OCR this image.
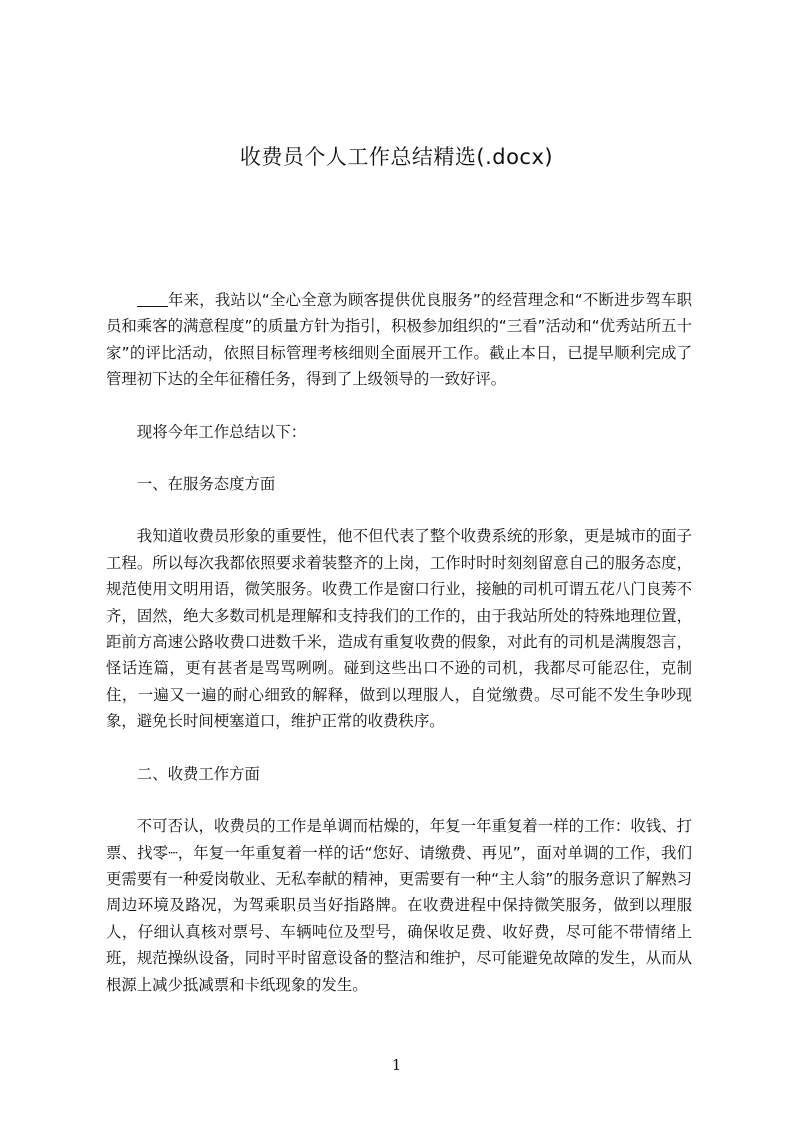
收费员个人工作总结精选(.docx)

年来，我站以“全心全意为顾客提供优良服务”的经营理念和“不断进步驾车职员和乘客的满意程度”的质量方针为指引，积极参加组织的“三看”活动和“优秀站所五十家”的评比活动，依照目标管理考核细则全面展开工作。截止本日，已提早顺利完成了管理初下达的全年征稽任务，得到了上级领导的一致好评。

现将今年工作总结以下：

一、在服务态度方面

我知道收费员形象的重要性，他不但代表了整个收费系统的形象，更是城市的面子工程。所以每次我都依照要求着装整齐的上岗，工作时时时刻刻留意自己的服务态度，规范使用文明用语，微笑服务。收费工作是窗口行业，接触的司机可谓五花八门良莠不齐，固然，绝大多数司机是理解和支持我们的工作的，由于我站所处的特殊地理位置，距前方高速公路收费口进数千米，造成有重复收费的假象，对此有的司机是满腹怨言，怪话连篇，更有甚者是骂骂咧咧。碰到这些出口不逊的司机，我都尽可能忍住，克制住，一遍又一遍的耐心细致的解释，做到以理服人，自觉缴费。尽可能不发生争吵现象，避免长时间梗塞道口，维护正常的收费秩序。

二、收费工作方面

不可否认，收费员的工作是单调而枯燥的，年复一年重复着一样的工作：收钱、打票、找零┈，年复一年重复着一样的话“您好、请缴费、再见”，面对单调的工作，我们更需要有一种爱岗敬业、无私奉献的精神，更需要有一种“主人翁”的服务意识了解熟习周边环境及路况，为驾乘职员当好指路牌。在收费进程中保持微笑服务，做到以理服人，仔细认真核对票号、车辆吨位及型号，确保收足费、收好费，尽可能不带情绪上班，规范操纵设备，同时平时留意设备的整洁和维护，尽可能避免故障的发生，从而从根源上减少抵减票和卡纸现象的发生。

1
